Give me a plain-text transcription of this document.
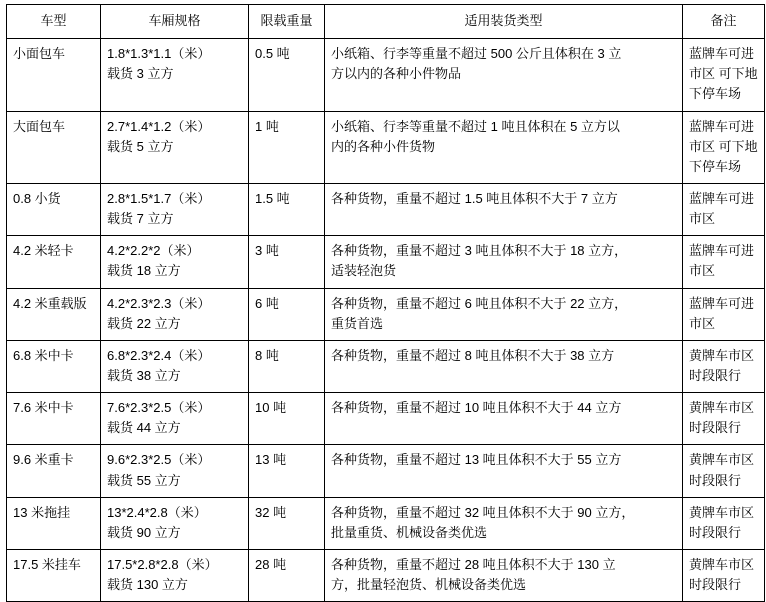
车型	车厢规格	限载重量	适用装货类型	备注
小面包车	1.8*1.3*1.1（米）
载货 3 立方	0.5 吨	小纸箱、行李等重量不超过 500 公斤且体积在 3 立
方以内的各种小件物品	蓝牌车可进
市区 可下地
下停车场

大面包车	2.7*1.4*1.2（米）
载货 5 立方	1 吨	小纸箱、行李等重量不超过 1 吨且体积在 5 立方以
内的各种小件货物	蓝牌车可进
市区 可下地
下停车场

0.8 小货	2.8*1.5*1.7（米）
载货 7 立方	1.5 吨	各种货物，重量不超过 1.5 吨且体积不大于 7 立方	蓝牌车可进
市区

4.2 米轻卡	4.2*2.2*2（米）
载货 18 立方	3 吨	各种货物，重量不超过 3 吨且体积不大于 18 立方，
适装轻泡货	蓝牌车可进
市区

4.2 米重载版	4.2*2.3*2.3（米）
载货 22 立方	6 吨	各种货物，重量不超过 6 吨且体积不大于 22 立方，
重货首选	蓝牌车可进
市区

6.8 米中卡	6.8*2.3*2.4（米）
载货 38 立方	8 吨	各种货物，重量不超过 8 吨且体积不大于 38 立方	黄牌车市区
时段限行

7.6 米中卡	7.6*2.3*2.5（米）
载货 44 立方	10 吨	各种货物，重量不超过 10 吨且体积不大于 44 立方	黄牌车市区
时段限行

9.6 米重卡	9.6*2.3*2.5（米）
载货 55 立方	13 吨	各种货物，重量不超过 13 吨且体积不大于 55 立方	黄牌车市区
时段限行

13 米拖挂	13*2.4*2.8（米）
载货 90 立方	32 吨	各种货物，重量不超过 32 吨且体积不大于 90 立方，
批量重货、机械设备类优选	黄牌车市区
时段限行

17.5 米挂车	17.5*2.8*2.8（米）
载货 130 立方	28 吨	各种货物，重量不超过 28 吨且体积不大于 130 立
方，批量轻泡货、机械设备类优选	黄牌车市区
时段限行
